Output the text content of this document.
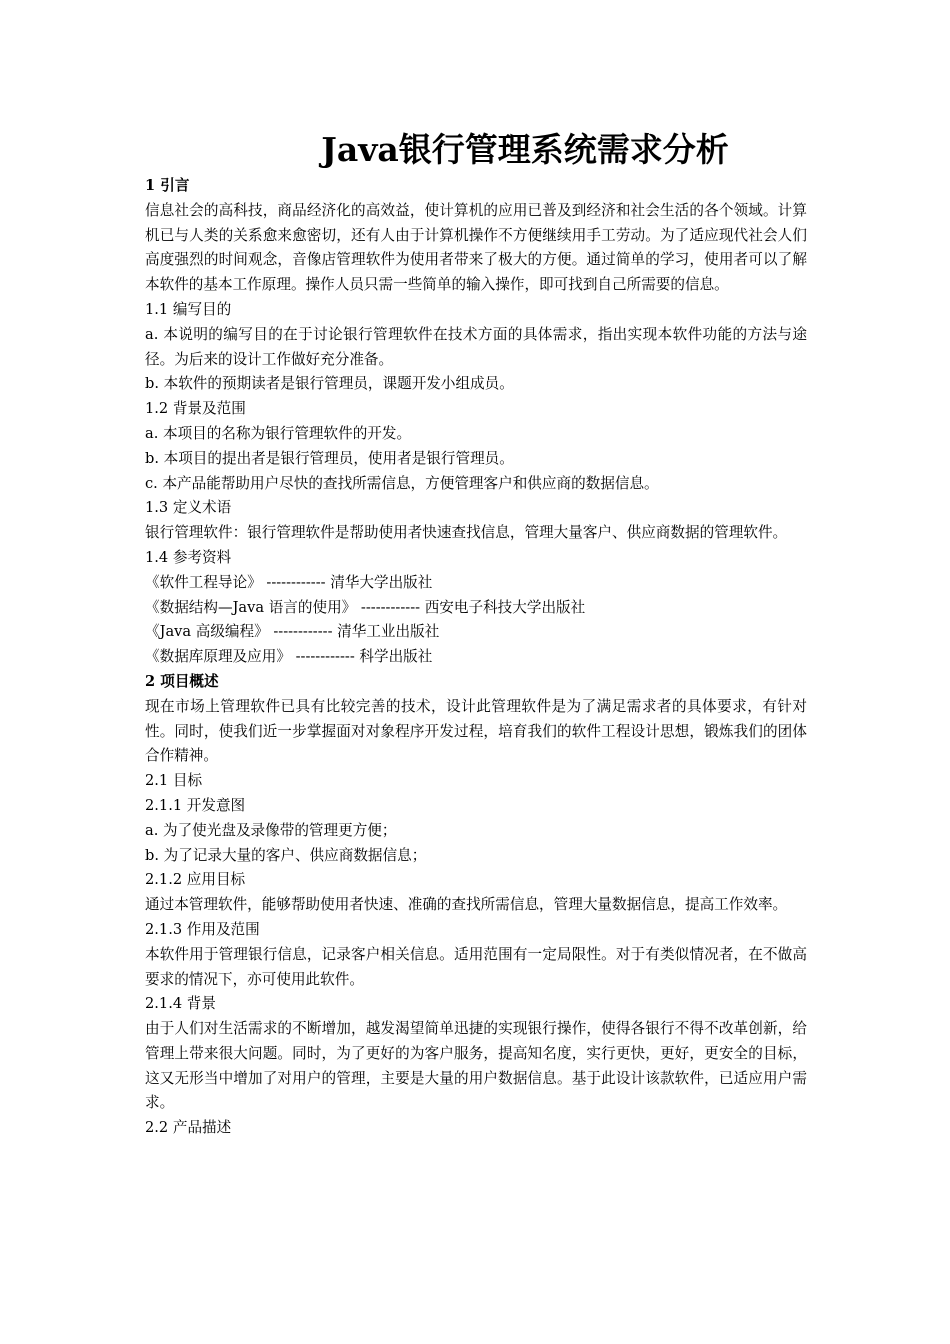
Java银行管理系统需求分析

1 引言

信息社会的高科技，商品经济化的高效益，使计算机的应用已普及到经济和社会生活的各个领域。计算机已与人类的关系愈来愈密切，还有人由于计算机操作不方便继续用手工劳动。为了适应现代社会人们高度强烈的时间观念，音像店管理软件为使用者带来了极大的方便。通过简单的学习，使用者可以了解本软件的基本工作原理。操作人员只需一些简单的输入操作，即可找到自己所需要的信息。

1.1 编写目的

a. 本说明的编写目的在于讨论银行管理软件在技术方面的具体需求，指出实现本软件功能的方法与途径。为后来的设计工作做好充分准备。

b. 本软件的预期读者是银行管理员，课题开发小组成员。

1.2 背景及范围

a. 本项目的名称为银行管理软件的开发。

b. 本项目的提出者是银行管理员，使用者是银行管理员。

c. 本产品能帮助用户尽快的查找所需信息，方便管理客户和供应商的数据信息。

1.3 定义术语

银行管理软件：银行管理软件是帮助使用者快速查找信息，管理大量客户、供应商数据的管理软件。

1.4 参考资料

《软件工程导论》 ------------ 清华大学出版社

《数据结构—Java 语言的使用》 ------------ 西安电子科技大学出版社

《Java 高级编程》 ------------ 清华工业出版社

《数据库原理及应用》 ------------ 科学出版社

2 项目概述

现在市场上管理软件已具有比较完善的技术，设计此管理软件是为了满足需求者的具体要求，有针对性。同时，使我们近一步掌握面对对象程序开发过程，培育我们的软件工程设计思想，锻炼我们的团体合作精神。

2.1 目标

2.1.1 开发意图

a. 为了使光盘及录像带的管理更方便；

b. 为了记录大量的客户、供应商数据信息；

2.1.2 应用目标

通过本管理软件，能够帮助使用者快速、准确的查找所需信息，管理大量数据信息，提高工作效率。

2.1.3 作用及范围

本软件用于管理银行信息，记录客户相关信息。适用范围有一定局限性。对于有类似情况者，在不做高要求的情况下，亦可使用此软件。

2.1.4 背景

由于人们对生活需求的不断增加，越发渴望简单迅捷的实现银行操作，使得各银行不得不改革创新，给管理上带来很大问题。同时，为了更好的为客户服务，提高知名度，实行更快，更好，更安全的目标，这又无形当中增加了对用户的管理，主要是大量的用户数据信息。基于此设计该款软件，已适应用户需求。

2.2 产品描述
